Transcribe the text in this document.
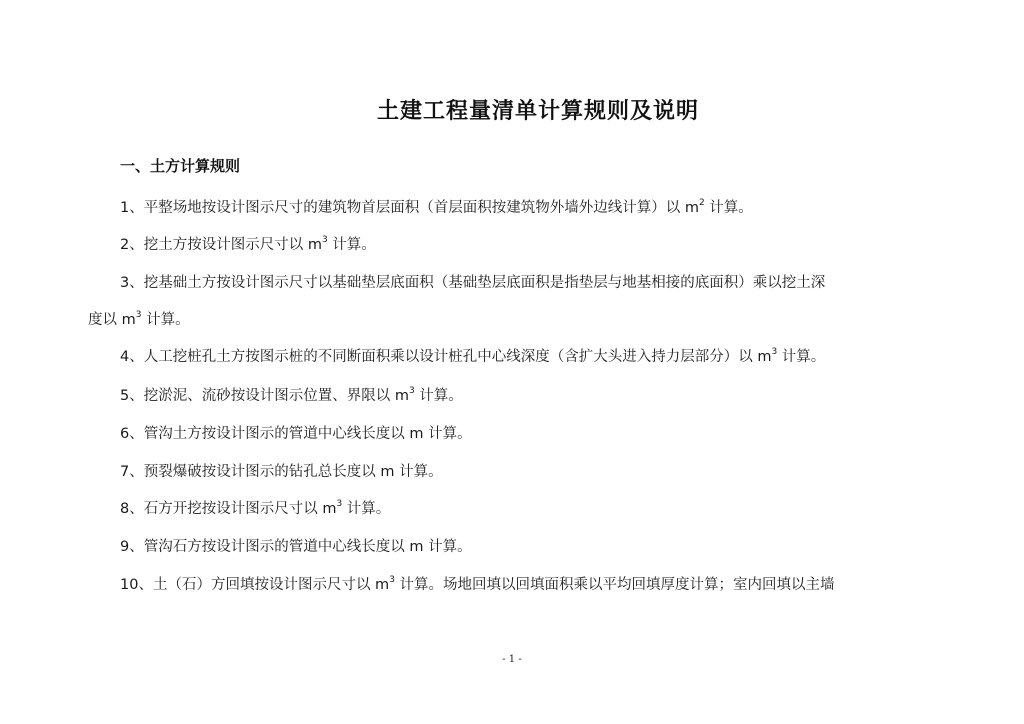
土建工程量清单计算规则及说明
一、土方计算规则
1、平整场地按设计图示尺寸的建筑物首层面积（首层面积按建筑物外墙外边线计算）以 $m^2$ 计算。
2、挖土方按设计图示尺寸以 $m^3$ 计算。
3、挖基础土方按设计图示尺寸以基础垫层底面积（基础垫层底面积是指垫层与地基相接的底面积）乘以挖土深
度以 $m^3$ 计算。
4、人工挖桩孔土方按图示桩的不同断面积乘以设计桩孔中心线深度（含扩大头进入持力层部分）以 $m^3$ 计算。
5、挖淤泥、流砂按设计图示位置、界限以 $m^3$ 计算。
6、管沟土方按设计图示的管道中心线长度以 m 计算。
7、预裂爆破按设计图示的钻孔总长度以 m 计算。
8、石方开挖按设计图示尺寸以 $m^3$ 计算。
9、管沟石方按设计图示的管道中心线长度以 m 计算。
10、土（石）方回填按设计图示尺寸以 $m^3$ 计算。场地回填以回填面积乘以平均回填厚度计算；室内回填以主墙
- 1 -
